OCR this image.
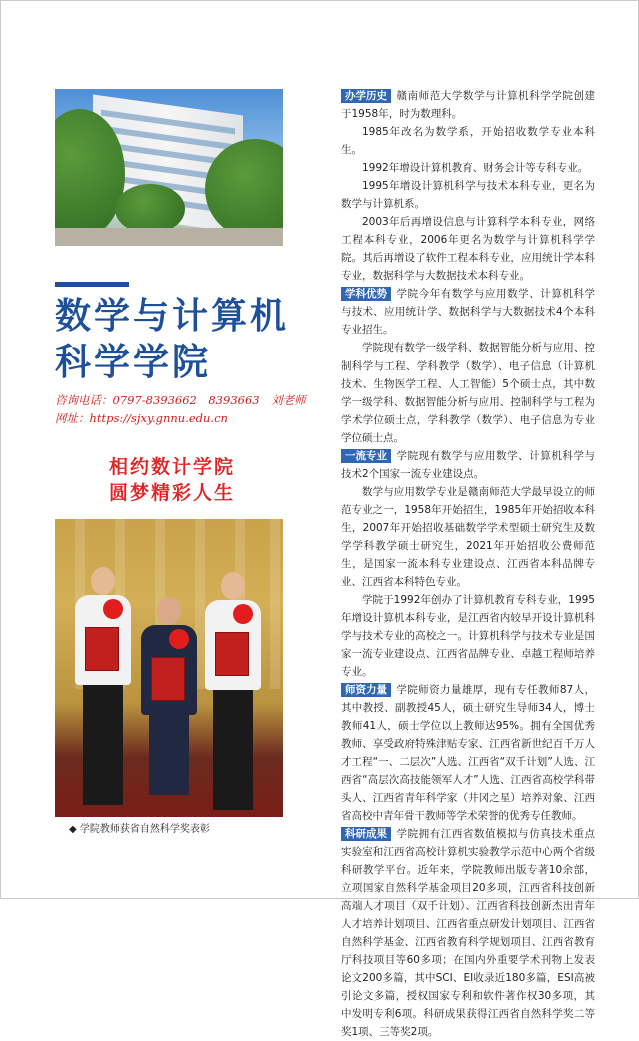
数学与计算机
科学学院
咨询电话：0797-8393662　8393663　刘老师
网址：https://sjxy.gnnu.edu.cn
相约数计学院
圆梦精彩人生
◆ 学院教师获省自然科学奖表彰

办学历史 赣南师范大学数学与计算机科学学院创建于1958年，时为数理科。

1985年改名为数学系，开始招收数学专业本科生。

1992年增设计算机教育、财务会计等专科专业。

1995年增设计算机科学与技术本科专业，更名为数学与计算机系。

2003年后再增设信息与计算科学本科专业，网络工程本科专业，2006年更名为数学与计算机科学学院。其后再增设了软件工程本科专业，应用统计学本科专业，数据科学与大数据技术本科专业。

学科优势 学院今年有数学与应用数学、计算机科学与技术、应用统计学、数据科学与大数据技术4个本科专业招生。

学院现有数学一级学科、数据智能分析与应用、控制科学与工程、学科教学（数学）、电子信息（计算机技术、生物医学工程、人工智能）5个硕士点，其中数学一级学科、数据智能分析与应用、控制科学与工程为学术学位硕士点，学科教学（数学）、电子信息为专业学位硕士点。

一流专业 学院现有数学与应用数学、计算机科学与技术2个国家一流专业建设点。

数学与应用数学专业是赣南师范大学最早设立的师范专业之一，1958年开始招生，1985年开始招收本科生，2007年开始招收基础数学学术型硕士研究生及数学学科教学硕士研究生，2021年开始招收公费师范生，是国家一流本科专业建设点、江西省本科品牌专业、江西省本科特色专业。

学院于1992年创办了计算机教育专科专业，1995年增设计算机本科专业，是江西省内较早开设计算机科学与技术专业的高校之一。计算机科学与技术专业是国家一流专业建设点、江西省品牌专业、卓越工程师培养专业。

师资力量 学院师资力量雄厚，现有专任教师87人，其中教授、副教授45人，硕士研究生导师34人，博士教师41人，硕士学位以上教师达95%。拥有全国优秀教师、享受政府特殊津贴专家、江西省新世纪百千万人才工程“一、二层次”人选、江西省“双千计划”人选、江西省“高层次高技能领军人才”人选、江西省高校学科带头人、江西省青年科学家（井冈之星）培养对象、江西省高校中青年骨干教师等学术荣誉的优秀专任教师。

科研成果 学院拥有江西省数值模拟与仿真技术重点实验室和江西省高校计算机实验教学示范中心两个省级科研教学平台。近年来，学院教师出版专著10余部，立项国家自然科学基金项目20多项，江西省科技创新高端人才项目（双千计划）、江西省科技创新杰出青年人才培养计划项目、江西省重点研发计划项目、江西省自然科学基金、江西省教育科学规划项目、江西省教育厅科技项目等60多项；在国内外重要学术刊物上发表论文200多篇，其中SCI、EI收录近180多篇，ESI高被引论文多篇，授权国家专利和软件著作权30多项，其中发明专利6项。科研成果获得江西省自然科学奖二等奖1项、三等奖2项。
